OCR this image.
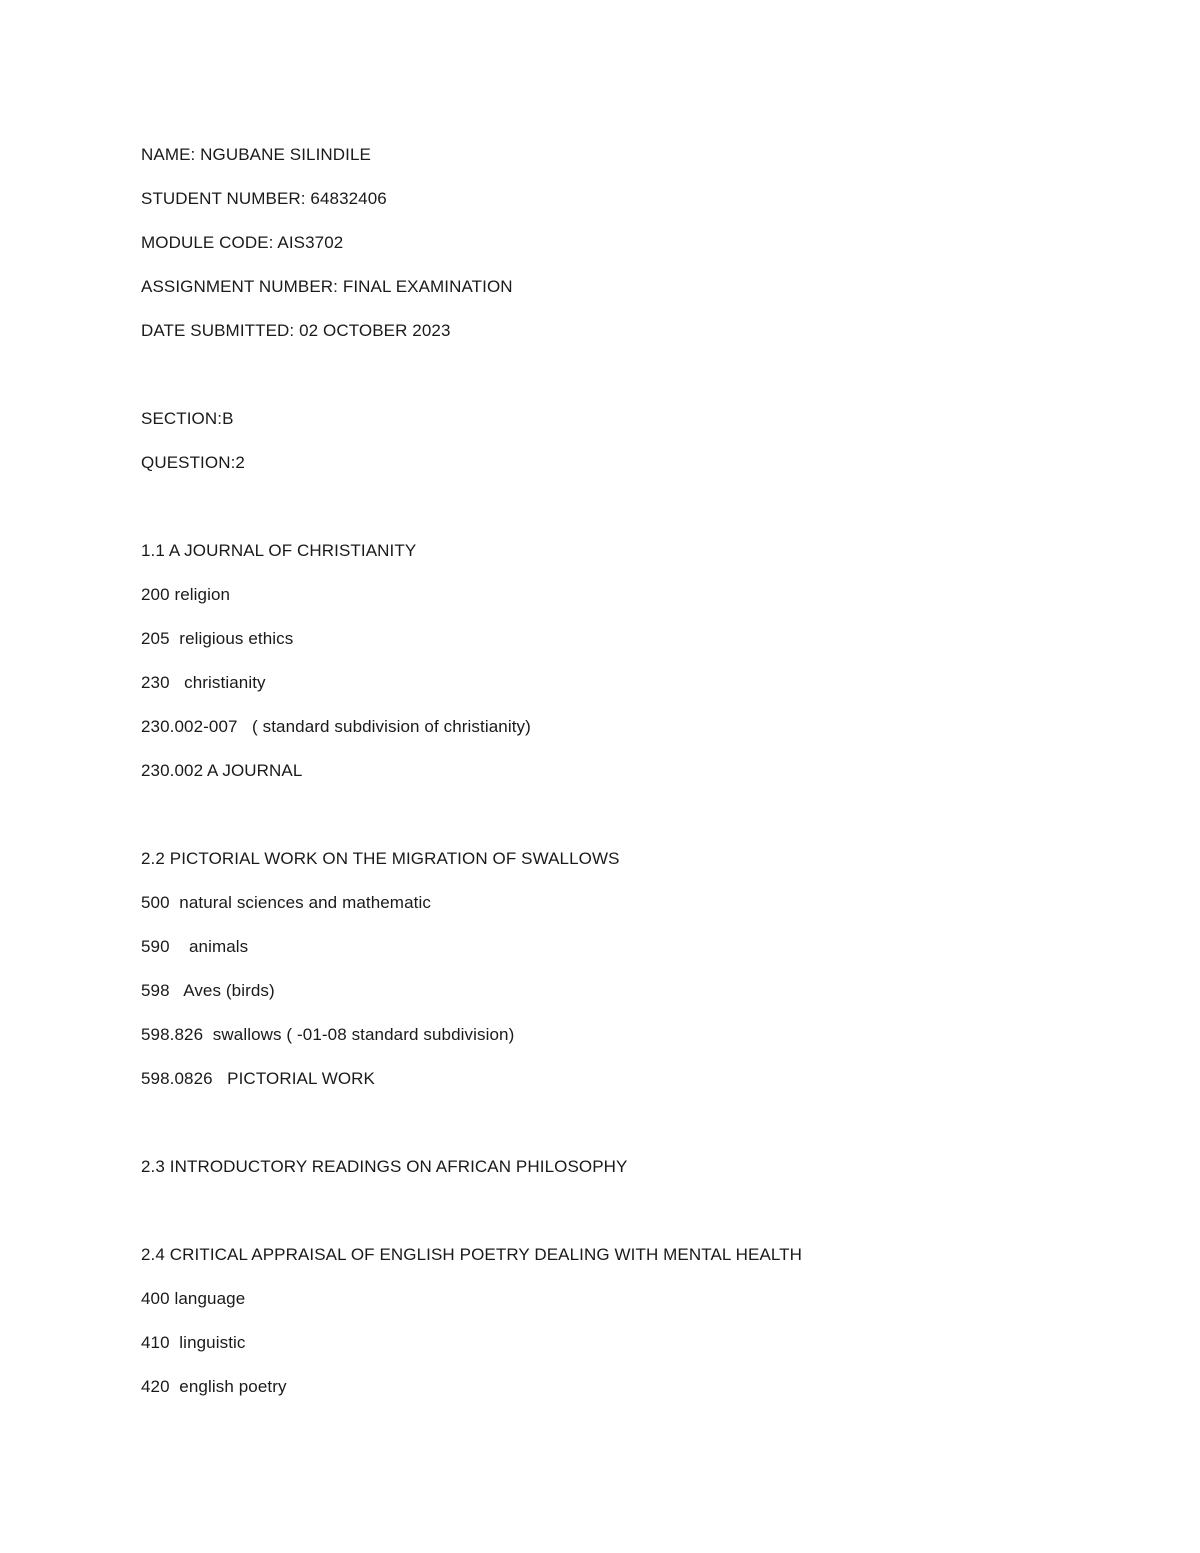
NAME: NGUBANE SILINDILE
STUDENT NUMBER: 64832406
MODULE CODE: AIS3702
ASSIGNMENT NUMBER: FINAL EXAMINATION
DATE SUBMITTED: 02 OCTOBER 2023
SECTION:B
QUESTION:2
1.1 A JOURNAL OF CHRISTIANITY
200 religion
205  religious ethics
230   christianity
230.002-007   ( standard subdivision of christianity)
230.002 A JOURNAL
2.2 PICTORIAL WORK ON THE MIGRATION OF SWALLOWS
500  natural sciences and mathematic
590    animals
598   Aves (birds)
598.826  swallows ( -01-08 standard subdivision)
598.0826   PICTORIAL WORK
2.3 INTRODUCTORY READINGS ON AFRICAN PHILOSOPHY
2.4 CRITICAL APPRAISAL OF ENGLISH POETRY DEALING WITH MENTAL HEALTH
400 language
410  linguistic
420  english poetry
